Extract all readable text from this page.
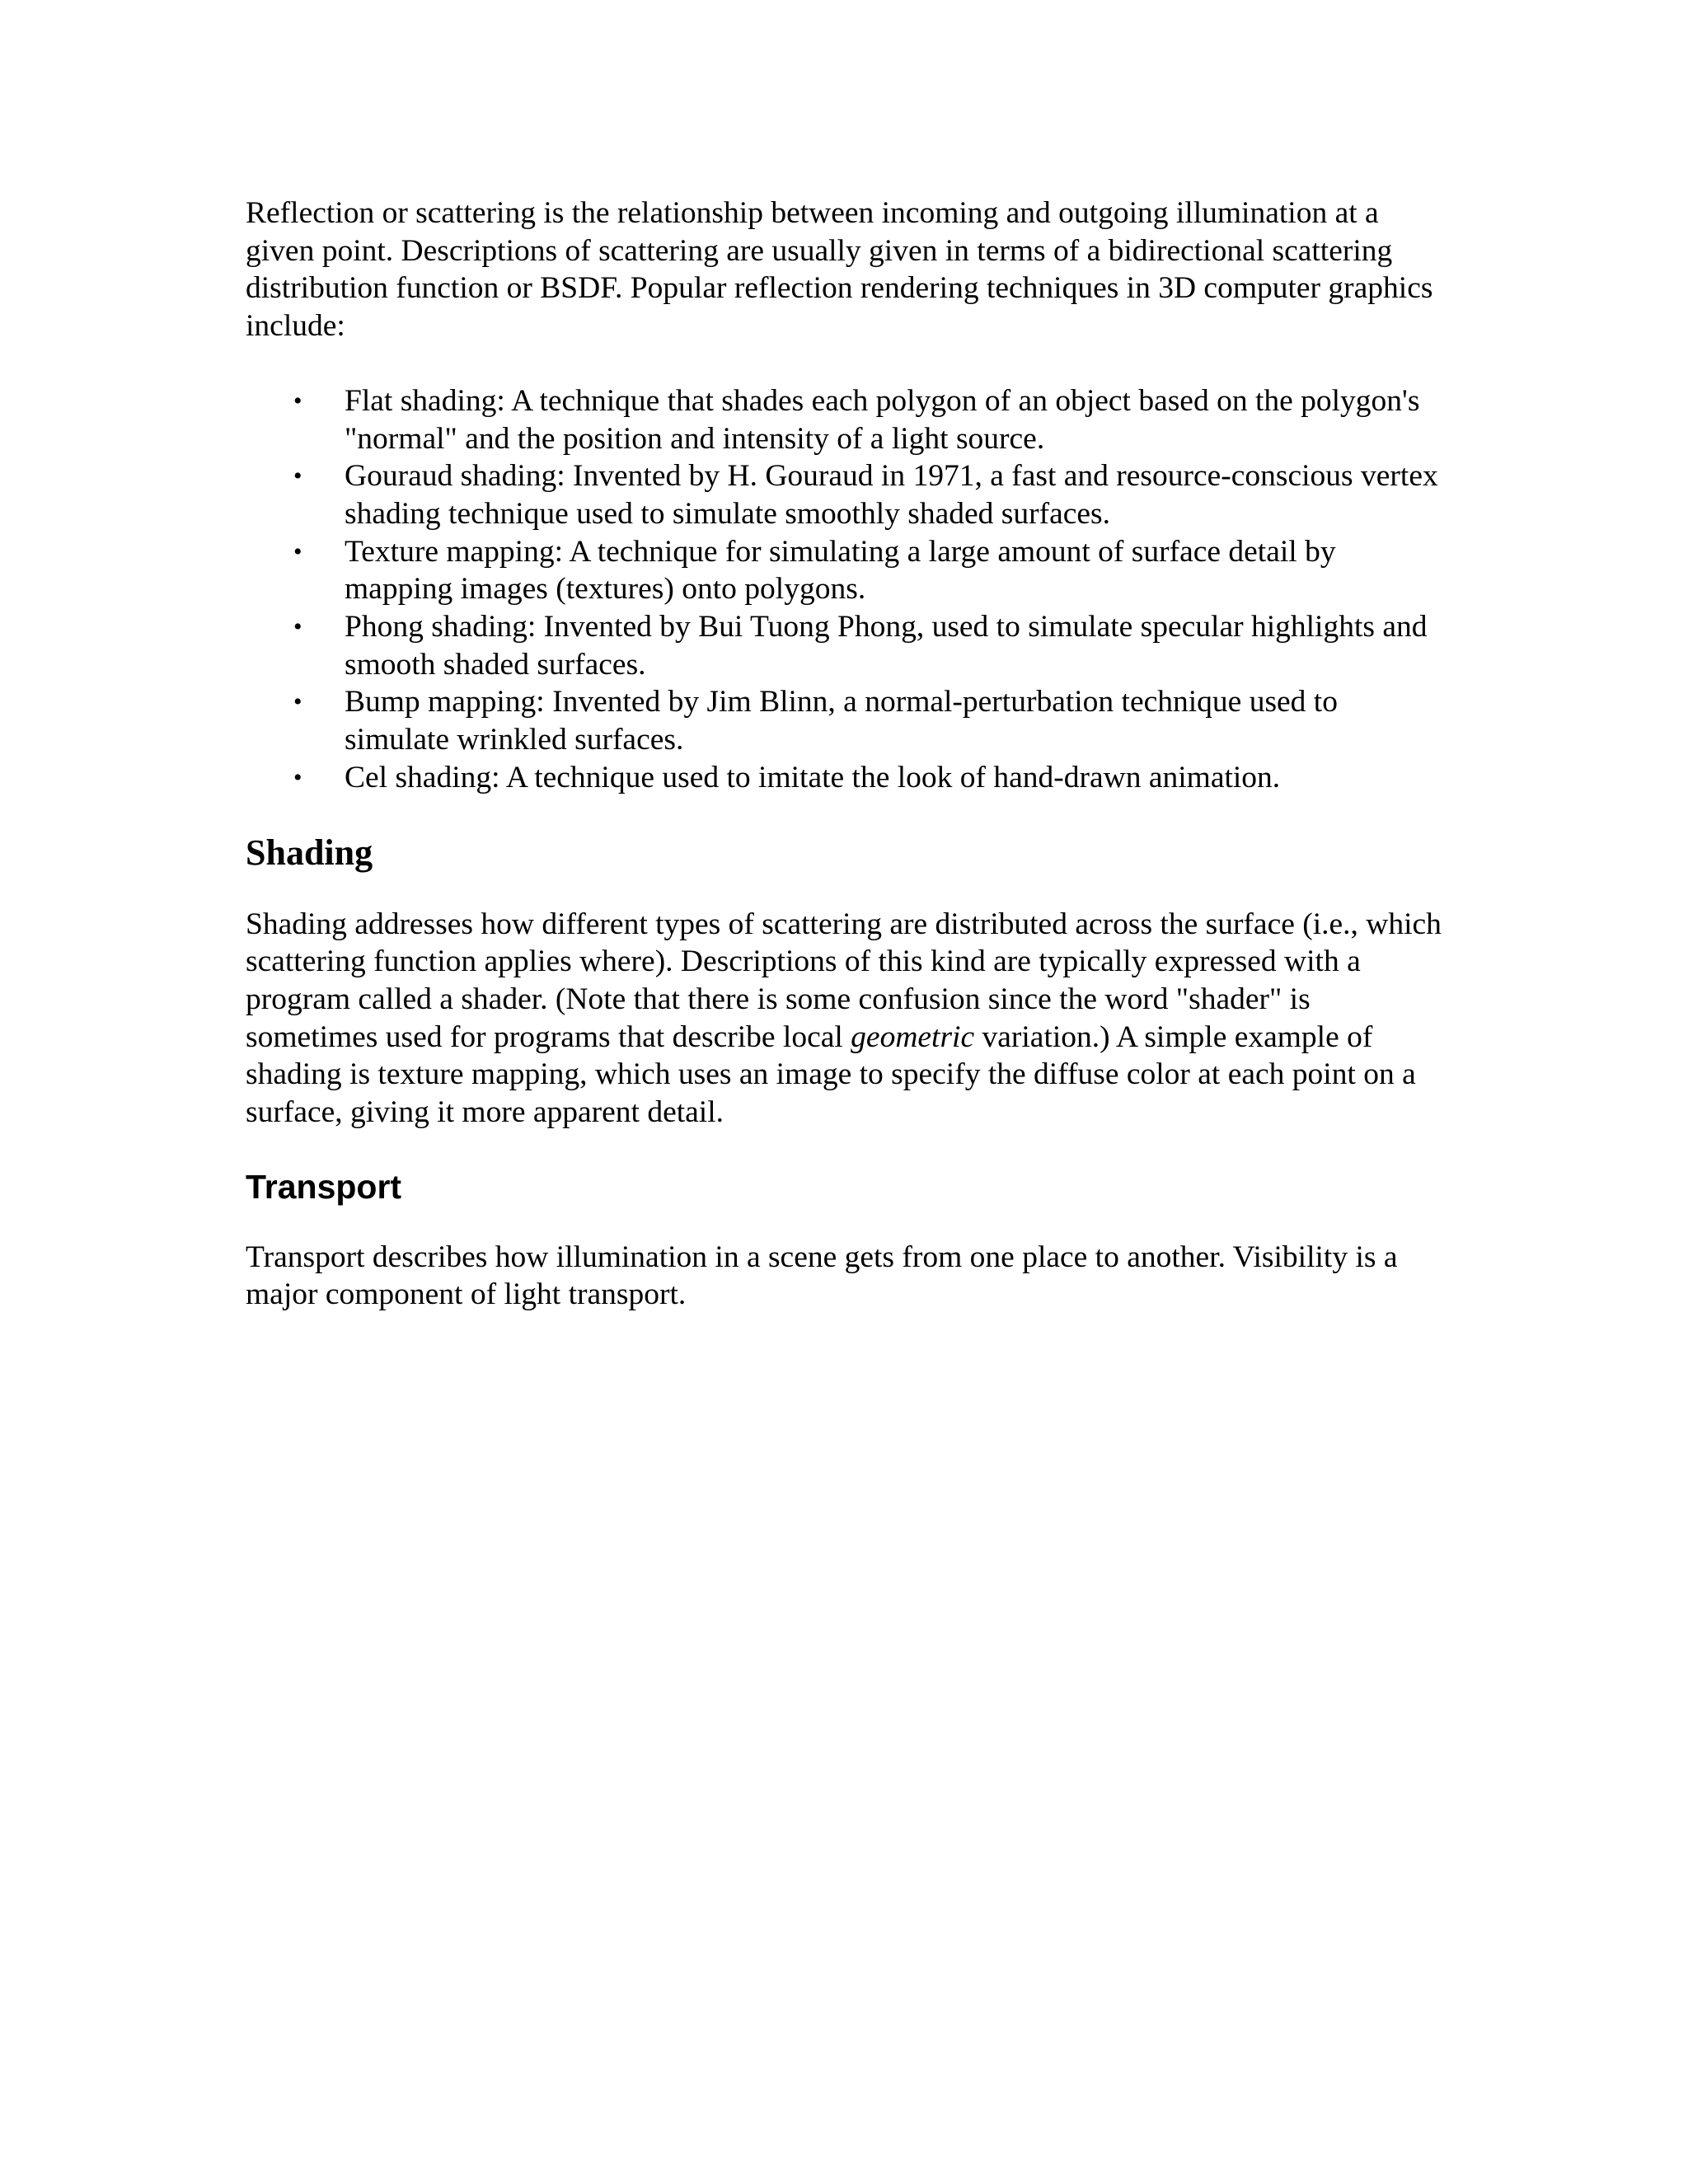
Reflection or scattering is the relationship between incoming and outgoing illumination at a given point. Descriptions of scattering are usually given in terms of a bidirectional scattering distribution function or BSDF. Popular reflection rendering techniques in 3D computer graphics include:

• Flat shading: A technique that shades each polygon of an object based on the polygon's "normal" and the position and intensity of a light source.
• Gouraud shading: Invented by H. Gouraud in 1971, a fast and resource-conscious vertex shading technique used to simulate smoothly shaded surfaces.
• Texture mapping: A technique for simulating a large amount of surface detail by mapping images (textures) onto polygons.
• Phong shading: Invented by Bui Tuong Phong, used to simulate specular highlights and smooth shaded surfaces.
• Bump mapping: Invented by Jim Blinn, a normal-perturbation technique used to simulate wrinkled surfaces.
• Cel shading: A technique used to imitate the look of hand-drawn animation.
Shading

Shading addresses how different types of scattering are distributed across the surface (i.e., which scattering function applies where). Descriptions of this kind are typically expressed with a program called a shader. (Note that there is some confusion since the word "shader" is sometimes used for programs that describe local geometric variation.) A simple example of shading is texture mapping, which uses an image to specify the diffuse color at each point on a surface, giving it more apparent detail.

Transport

Transport describes how illumination in a scene gets from one place to another. Visibility is a major component of light transport.
